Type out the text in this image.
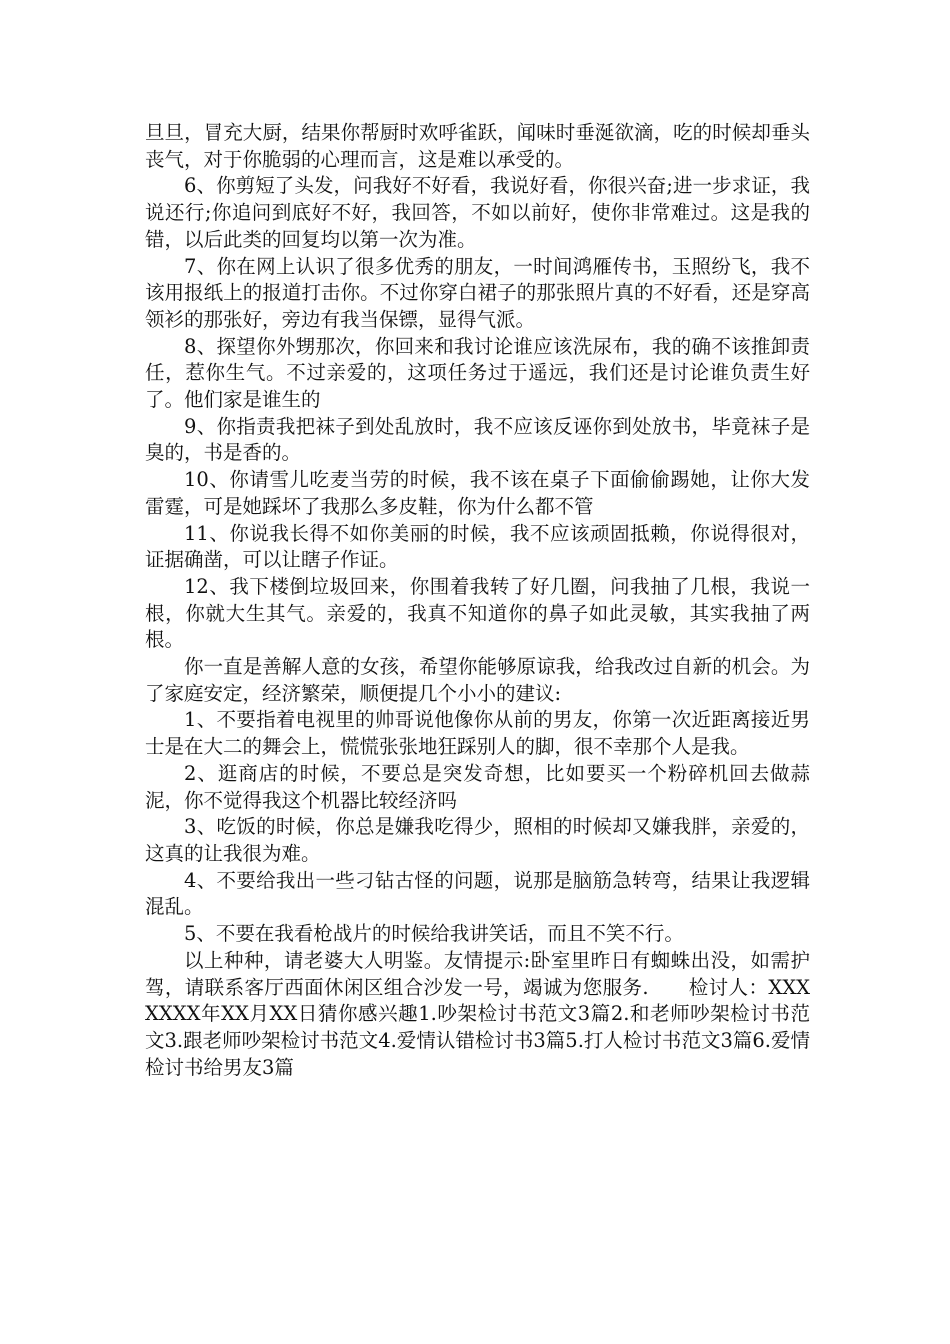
旦旦，冒充大厨，结果你帮厨时欢呼雀跃，闻味时垂涎欲滴，吃的时候却垂头丧气，对于你脆弱的心理而言，这是难以承受的。

6、你剪短了头发，问我好不好看，我说好看，你很兴奋;进一步求证，我说还行;你追问到底好不好，我回答，不如以前好，使你非常难过。这是我的错，以后此类的回复均以第一次为准。

7、你在网上认识了很多优秀的朋友，一时间鸿雁传书，玉照纷飞，我不该用报纸上的报道打击你。不过你穿白裙子的那张照片真的不好看，还是穿高领衫的那张好，旁边有我当保镖，显得气派。

8、探望你外甥那次，你回来和我讨论谁应该洗尿布，我的确不该推卸责任，惹你生气。不过亲爱的，这项任务过于遥远，我们还是讨论谁负责生好了。他们家是谁生的

9、你指责我把袜子到处乱放时，我不应该反诬你到处放书，毕竟袜子是臭的，书是香的。

10、你请雪儿吃麦当劳的时候，我不该在桌子下面偷偷踢她，让你大发雷霆，可是她踩坏了我那么多皮鞋，你为什么都不管

11、你说我长得不如你美丽的时候，我不应该顽固抵赖，你说得很对，证据确凿，可以让瞎子作证。

12、我下楼倒垃圾回来，你围着我转了好几圈，问我抽了几根，我说一根，你就大生其气。亲爱的，我真不知道你的鼻子如此灵敏，其实我抽了两根。

你一直是善解人意的女孩，希望你能够原谅我，给我改过自新的机会。为了家庭安定，经济繁荣，顺便提几个小小的建议:

1、不要指着电视里的帅哥说他像你从前的男友，你第一次近距离接近男士是在大二的舞会上，慌慌张张地狂踩别人的脚，很不幸那个人是我。

2、逛商店的时候，不要总是突发奇想，比如要买一个粉碎机回去做蒜泥，你不觉得我这个机器比较经济吗

3、吃饭的时候，你总是嫌我吃得少，照相的时候却又嫌我胖，亲爱的，这真的让我很为难。

4、不要给我出一些刁钻古怪的问题，说那是脑筋急转弯，结果让我逻辑混乱。

5、不要在我看枪战片的时候给我讲笑话，而且不笑不行。

以上种种，请老婆大人明鉴。友情提示:卧室里昨日有蜘蛛出没，如需护驾，请联系客厅西面休闲区组合沙发一号，竭诚为您服务.　　检讨人：XXX　　XXXX年XX月XX日猜你感兴趣1.吵架检讨书范文3篇2.和老师吵架检讨书范文3.跟老师吵架检讨书范文4.爱情认错检讨书3篇5.打人检讨书范文3篇6.爱情检讨书给男友3篇
